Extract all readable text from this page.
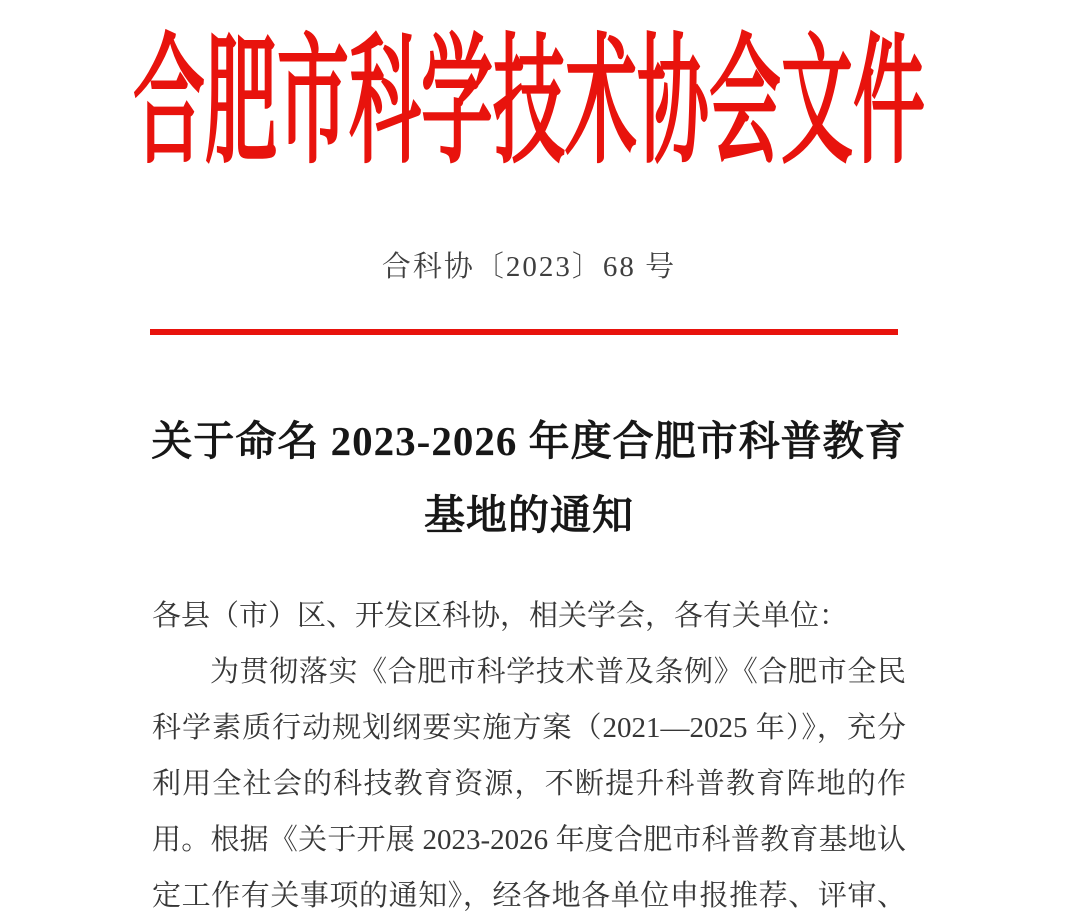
合肥市科学技术协会文件
合科协〔2023〕68 号
关于命名 2023-2026 年度合肥市科普教育
基地的通知
各县（市）区、开发区科协，相关学会，各有关单位：
为贯彻落实《合肥市科学技术普及条例》《合肥市全民
科学素质行动规划纲要实施方案（2021—2025 年）》，充分
利用全社会的科技教育资源，不断提升科普教育阵地的作
用。根据《关于开展 2023-2026 年度合肥市科普教育基地认
定工作有关事项的通知》，经各地各单位申报推荐、评审、
